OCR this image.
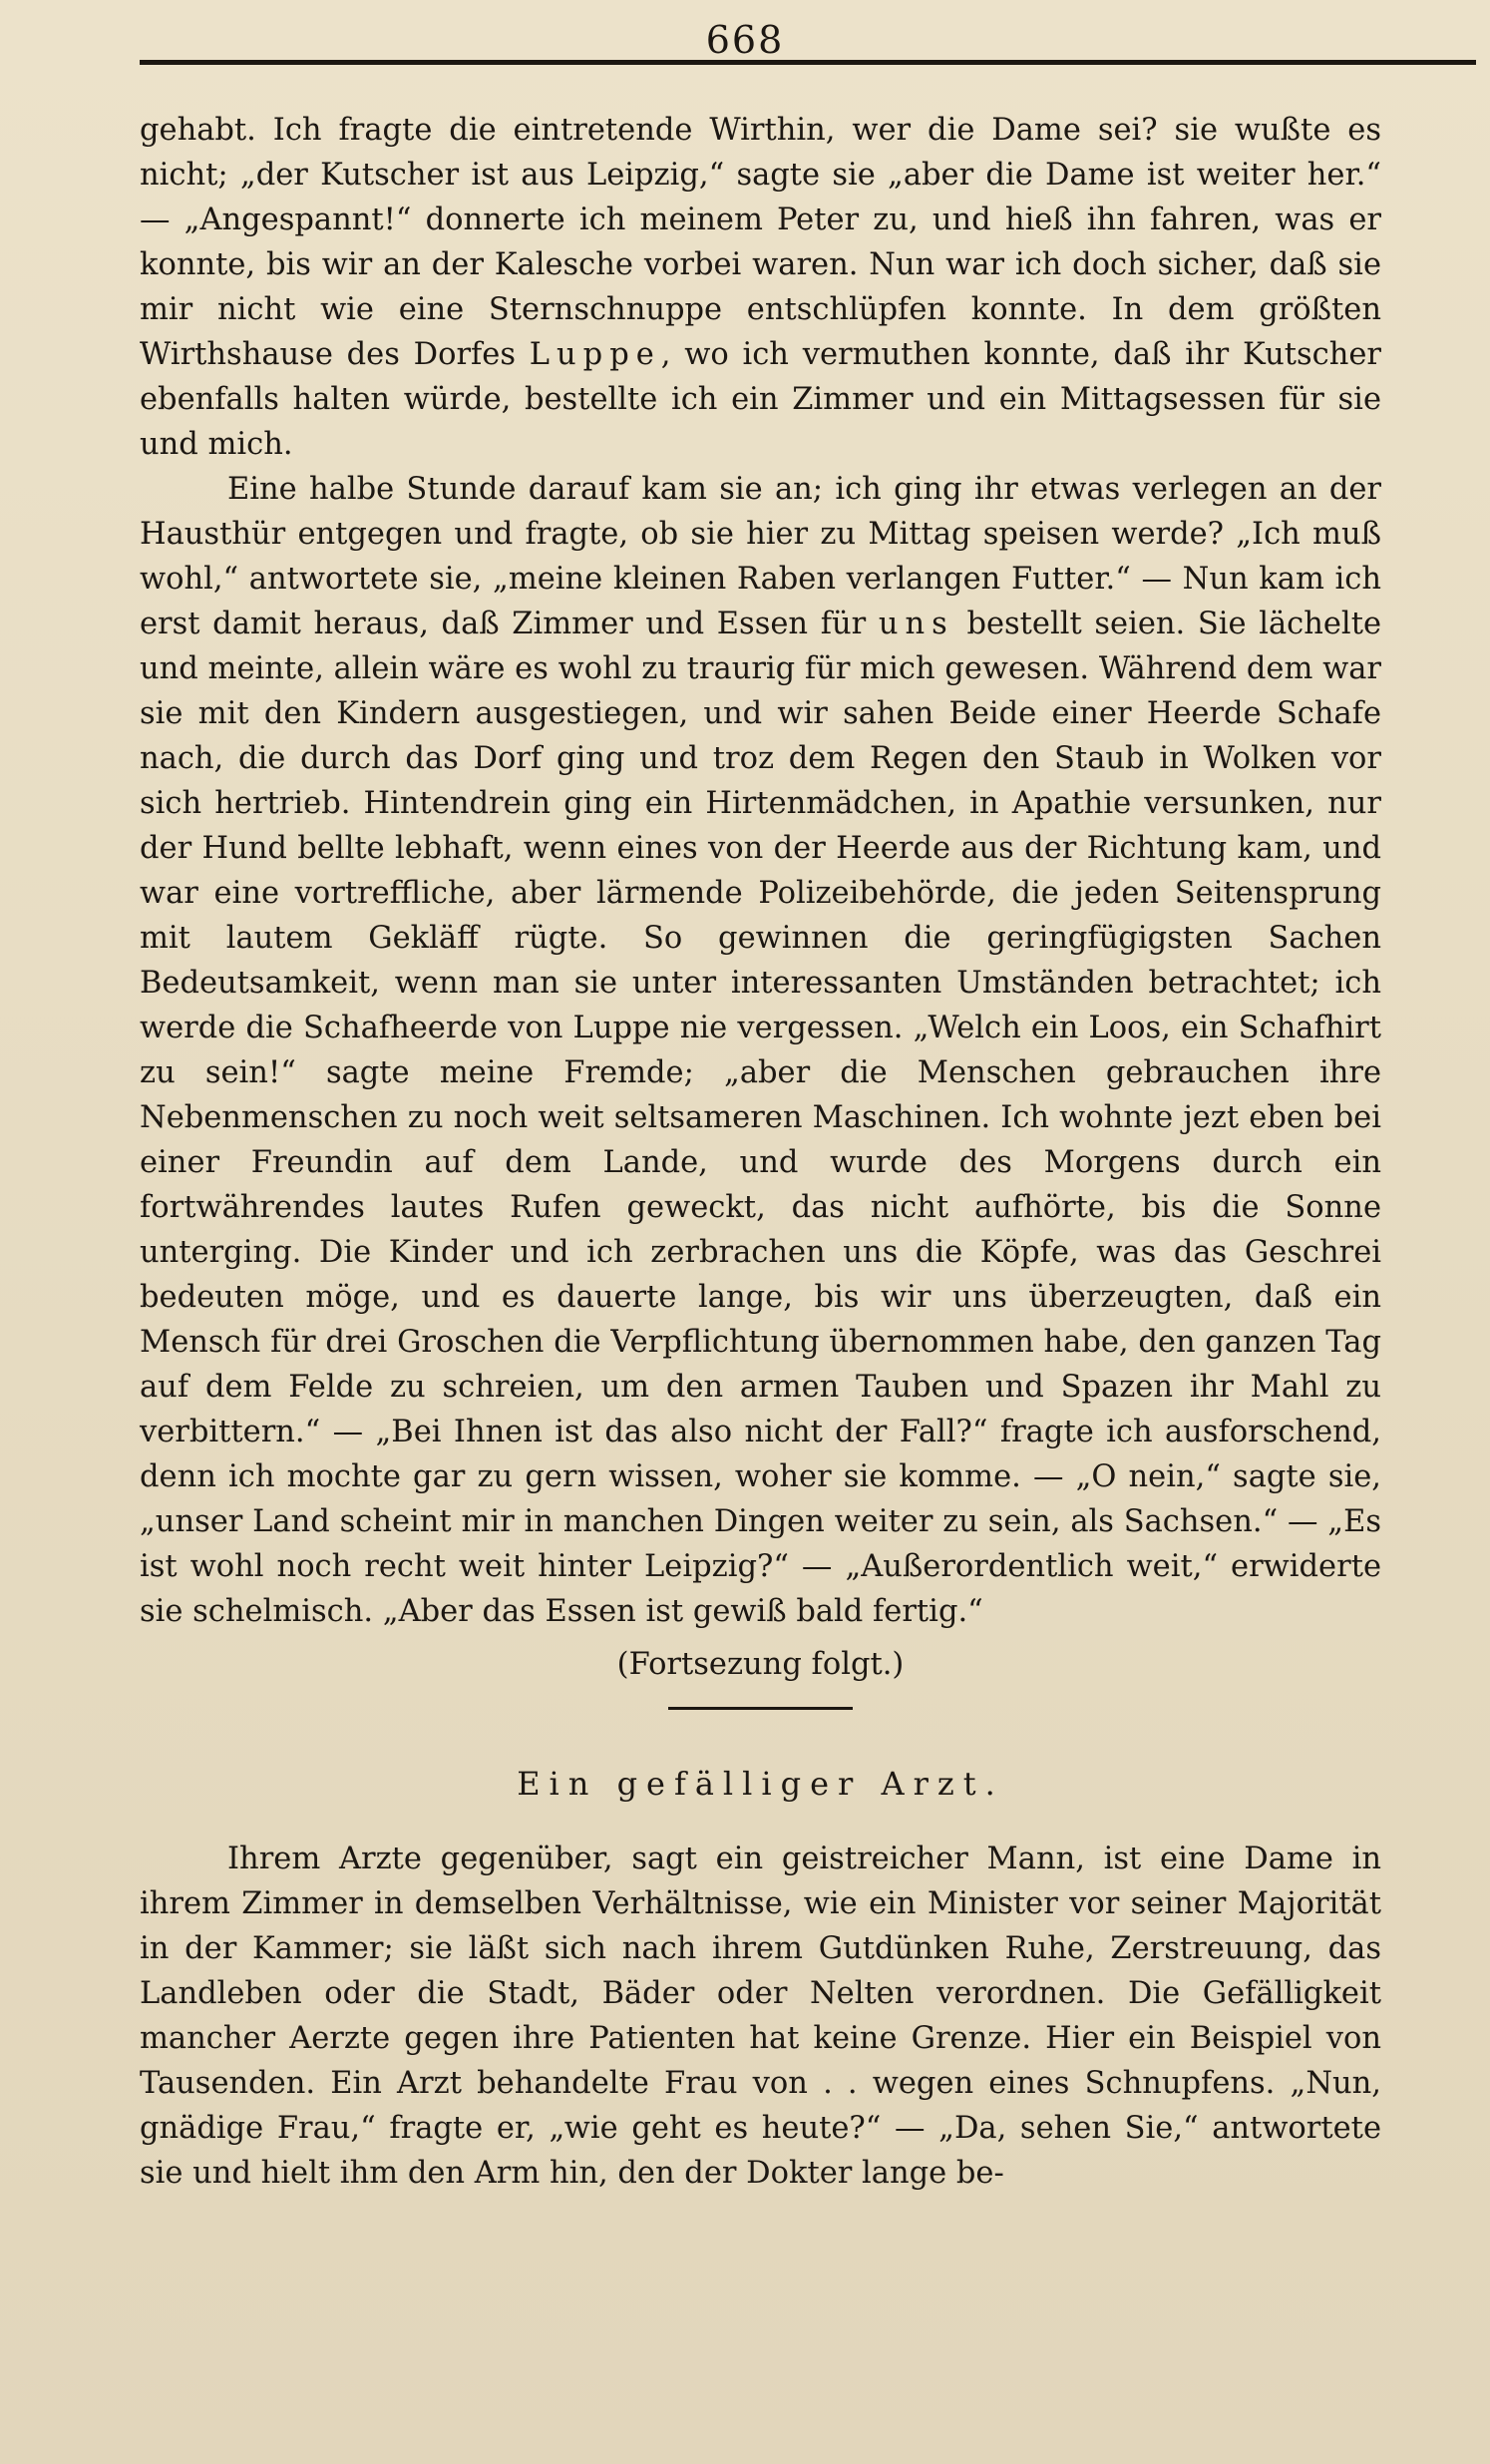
668

gehabt. Ich fragte die eintretende Wirthin, wer die Dame sei? sie wußte es nicht; „der Kutscher ist aus Leipzig,“ sagte sie „aber die Dame ist weiter her.“ — „Angespannt!“ donnerte ich meinem Peter zu, und hieß ihn fahren, was er konnte, bis wir an der Kalesche vorbei waren. Nun war ich doch sicher, daß sie mir nicht wie eine Sternschnuppe entschlüpfen konnte. In dem größten Wirthshause des Dorfes Luppe, wo ich vermuthen konnte, daß ihr Kutscher ebenfalls halten würde, bestellte ich ein Zimmer und ein Mittagsessen für sie und mich.

Eine halbe Stunde darauf kam sie an; ich ging ihr etwas verlegen an der Hausthür entgegen und fragte, ob sie hier zu Mittag speisen werde? „Ich muß wohl,“ antwortete sie, „meine kleinen Raben verlangen Futter.“ — Nun kam ich erst damit heraus, daß Zimmer und Essen für uns bestellt seien. Sie lächelte und meinte, allein wäre es wohl zu traurig für mich gewesen. Während dem war sie mit den Kindern ausgestiegen, und wir sahen Beide einer Heerde Schafe nach, die durch das Dorf ging und troz dem Regen den Staub in Wolken vor sich hertrieb. Hintendrein ging ein Hirtenmädchen, in Apathie versunken, nur der Hund bellte lebhaft, wenn eines von der Heerde aus der Richtung kam, und war eine vortreffliche, aber lärmende Polizeibehörde, die jeden Seitensprung mit lautem Gekläff rügte. So gewinnen die geringfügigsten Sachen Bedeutsamkeit, wenn man sie unter interessanten Umständen betrachtet; ich werde die Schafheerde von Luppe nie vergessen. „Welch ein Loos, ein Schafhirt zu sein!“ sagte meine Fremde; „aber die Menschen gebrauchen ihre Nebenmenschen zu noch weit seltsameren Maschinen. Ich wohnte jezt eben bei einer Freundin auf dem Lande, und wurde des Morgens durch ein fortwährendes lautes Rufen geweckt, das nicht aufhörte, bis die Sonne unterging. Die Kinder und ich zerbrachen uns die Köpfe, was das Geschrei bedeuten möge, und es dauerte lange, bis wir uns überzeugten, daß ein Mensch für drei Groschen die Verpflichtung übernommen habe, den ganzen Tag auf dem Felde zu schreien, um den armen Tauben und Spazen ihr Mahl zu verbittern.“ — „Bei Ihnen ist das also nicht der Fall?“ fragte ich ausforschend, denn ich mochte gar zu gern wissen, woher sie komme. — „O nein,“ sagte sie, „unser Land scheint mir in manchen Dingen weiter zu sein, als Sachsen.“ — „Es ist wohl noch recht weit hinter Leipzig?“ — „Außerordentlich weit,“ erwiderte sie schelmisch. „Aber das Essen ist gewiß bald fertig.“

(Fortsezung folgt.)

Ein gefälliger Arzt.

Ihrem Arzte gegenüber, sagt ein geistreicher Mann, ist eine Dame in ihrem Zimmer in demselben Verhältnisse, wie ein Minister vor seiner Majorität in der Kammer; sie läßt sich nach ihrem Gutdünken Ruhe, Zerstreuung, das Landleben oder die Stadt, Bäder oder Nelten verordnen. Die Gefälligkeit mancher Aerzte gegen ihre Patienten hat keine Grenze. Hier ein Beispiel von Tausenden. Ein Arzt behandelte Frau von . . wegen eines Schnupfens. „Nun, gnädige Frau,“ fragte er, „wie geht es heute?“ — „Da, sehen Sie,“ antwortete sie und hielt ihm den Arm hin, den der Dokter lange be-
